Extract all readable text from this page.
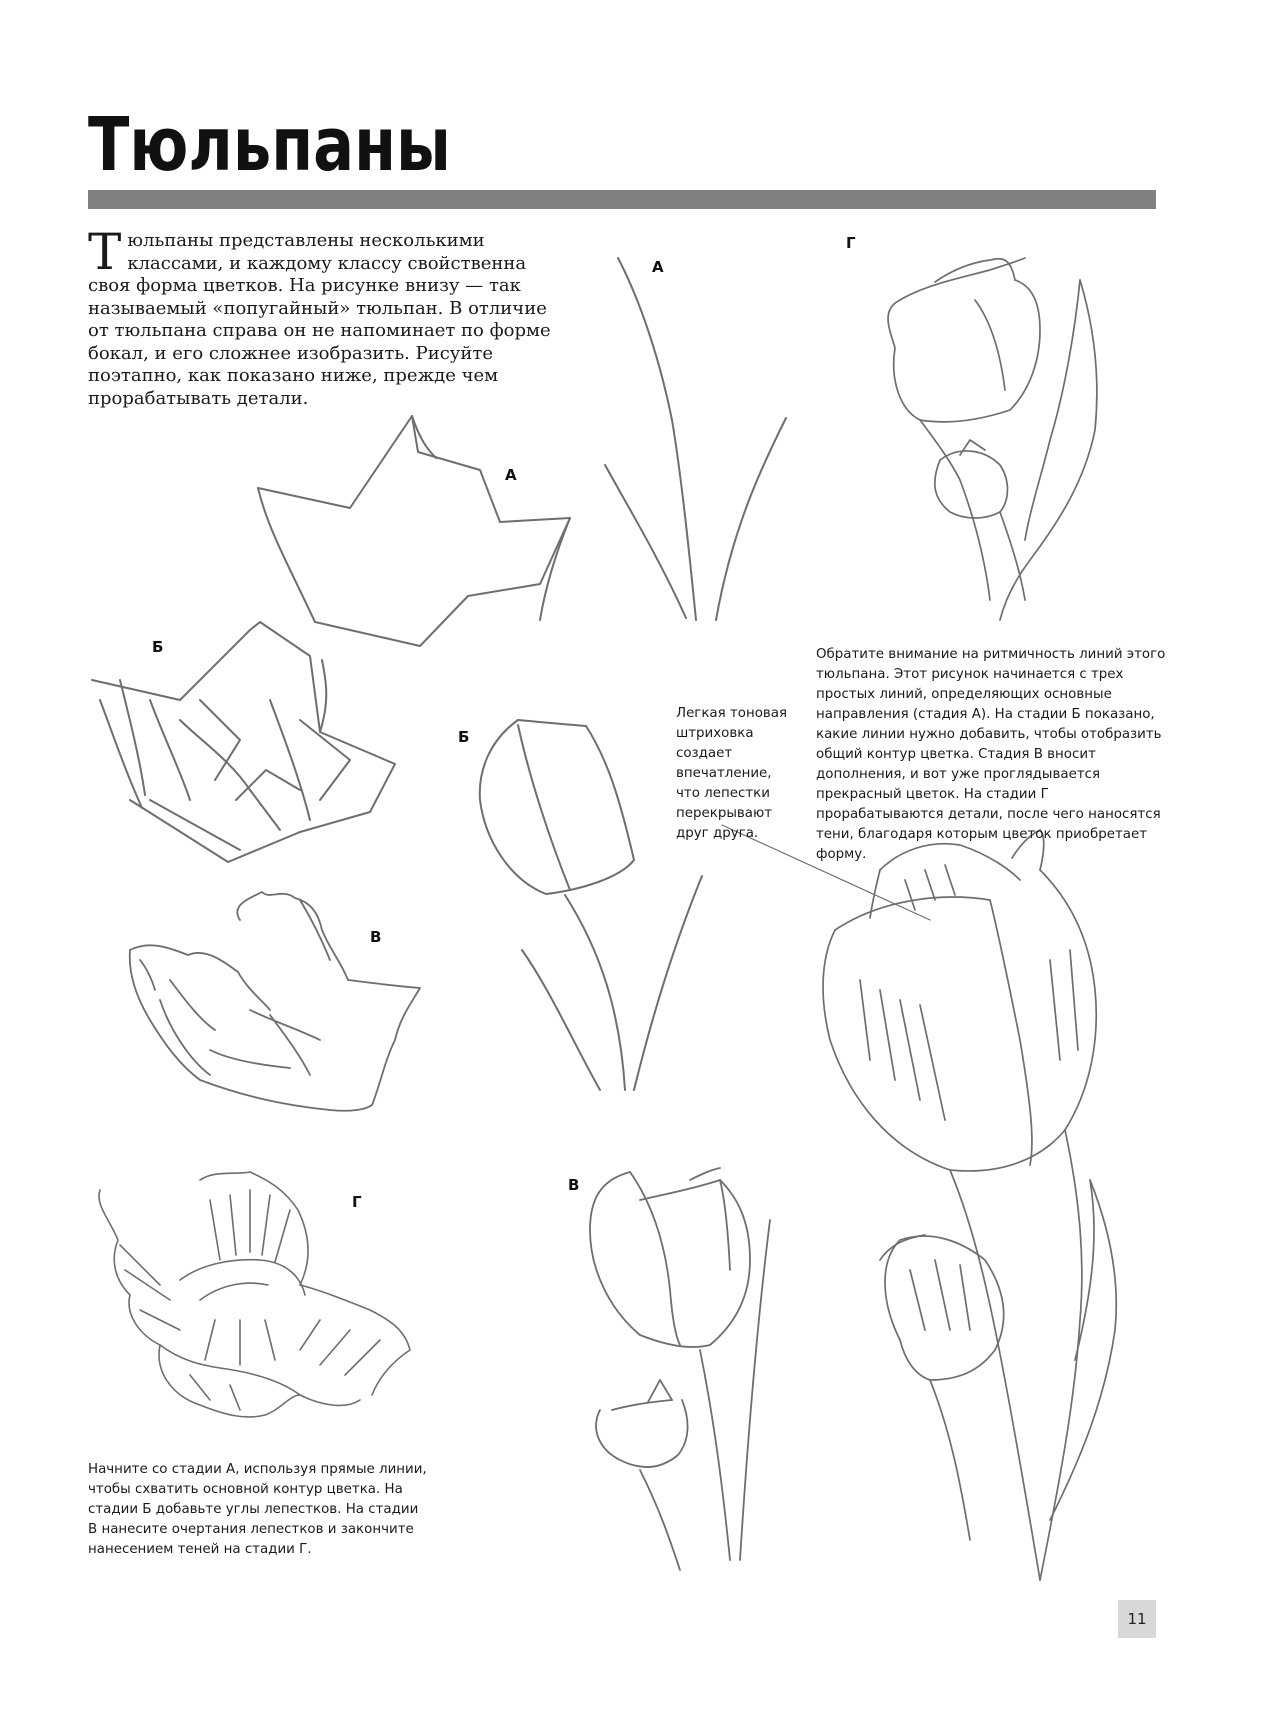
Тюльпаны

Тюльпаны представлены несколькими классами, и каждому классу свойственна своя форма цветков. На рисунке внизу — так называемый «попугайный» тюльпан. В отличие от тюльпана справа он не напоминает по форме бокал, и его сложнее изобразить. Рисуйте поэтапно, как показано ниже, прежде чем прорабатывать детали.

А
Б
В
Г
А
Б
В
Г

Обратите внимание на ритмичность линий этого тюльпана. Этот рисунок начинается с трех простых линий, определяющих основные направления (стадия А). На стадии Б показано, какие линии нужно добавить, чтобы отобразить общий контур цветка. Стадия В вносит дополнения, и вот уже проглядывается прекрасный цветок. На стадии Г прорабатываются детали, после чего наносятся тени, благодаря которым цветок приобретает форму.

Легкая тоновая штриховка создает впечатление, что лепестки перекрывают друг друга.

Начните со стадии А, используя прямые линии, чтобы схватить основной контур цветка. На стадии Б добавьте углы лепестков. На стадии В нанесите очертания лепестков и закончите нанесением теней на стадии Г.

11
